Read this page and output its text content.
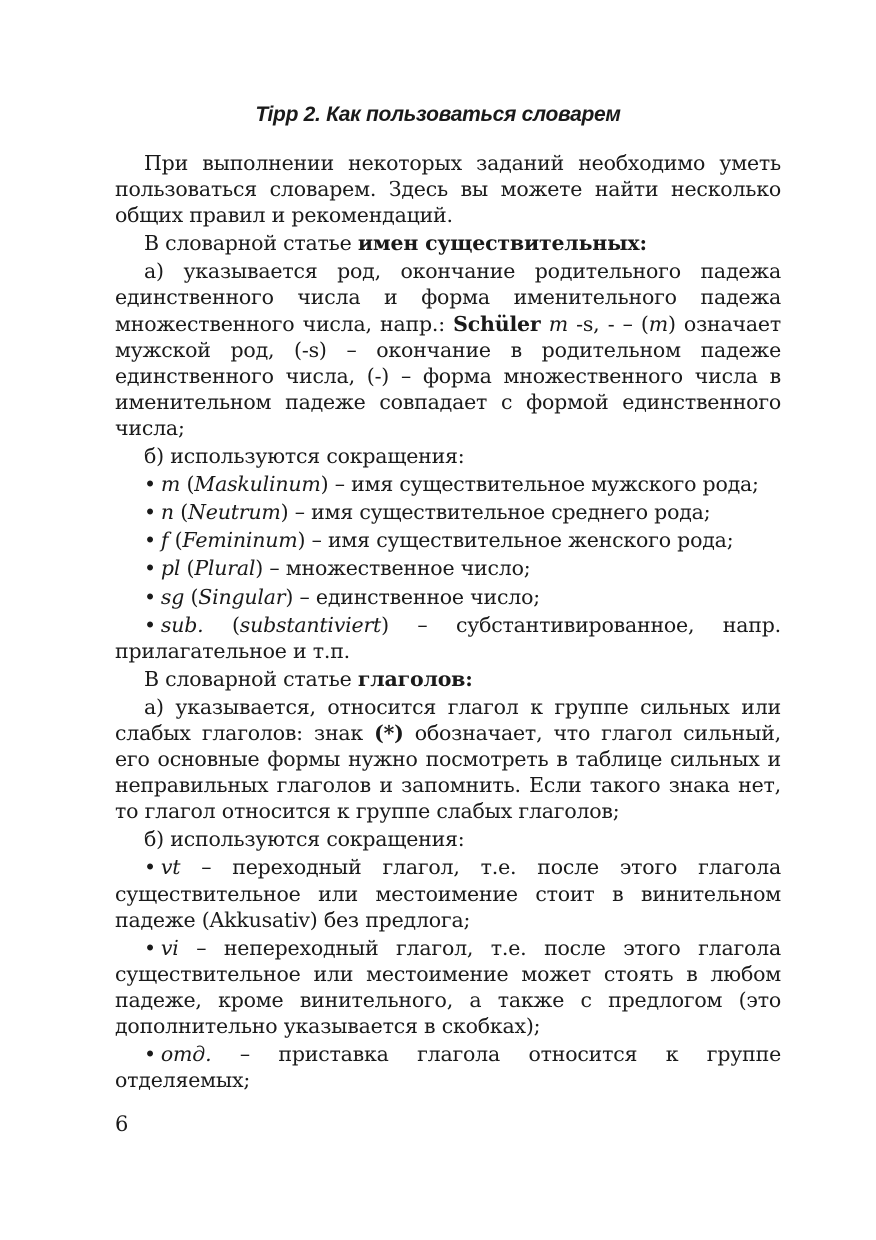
Tipp 2. Как пользоваться словарем

При выполнении некоторых заданий необходимо уметь пользоваться словарем. Здесь вы можете найти несколько общих правил и рекомендаций.

В словарной статье имен существительных:

а) указывается род, окончание родительного падежа единственного числа и форма именительного падежа множественного числа, напр.: Schüler m -s, - – (m) означает мужской род, (-s) – окончание в родительном падеже единственного числа, (-) – форма множественного числа в именительном падеже совпадает с формой единственного числа;

б) используются сокращения:

• m (Maskulinum) – имя существительное мужского рода;

• n (Neutrum) – имя существительное среднего рода;

• f (Femininum) – имя существительное женского рода;

• pl (Plural) – множественное число;

• sg (Singular) – единственное число;

• sub. (substantiviert) – субстантивированное, напр. прилагательное и т.п.

В словарной статье глаголов:

а) указывается, относится глагол к группе сильных или слабых глаголов: знак (*) обозначает, что глагол сильный, его основные формы нужно посмотреть в таблице сильных и неправильных глаголов и запомнить. Если такого знака нет, то глагол относится к группе слабых глаголов;

б) используются сокращения:

• vt – переходный глагол, т.е. после этого глагола существительное или местоимение стоит в винительном падеже (Akkusativ) без предлога;

• vi – непереходный глагол, т.е. после этого глагола существительное или местоимение может стоять в любом падеже, кроме винительного, а также с предлогом (это дополнительно указывается в скобках);

• отд. – приставка глагола относится к группе отделяемых;

6
